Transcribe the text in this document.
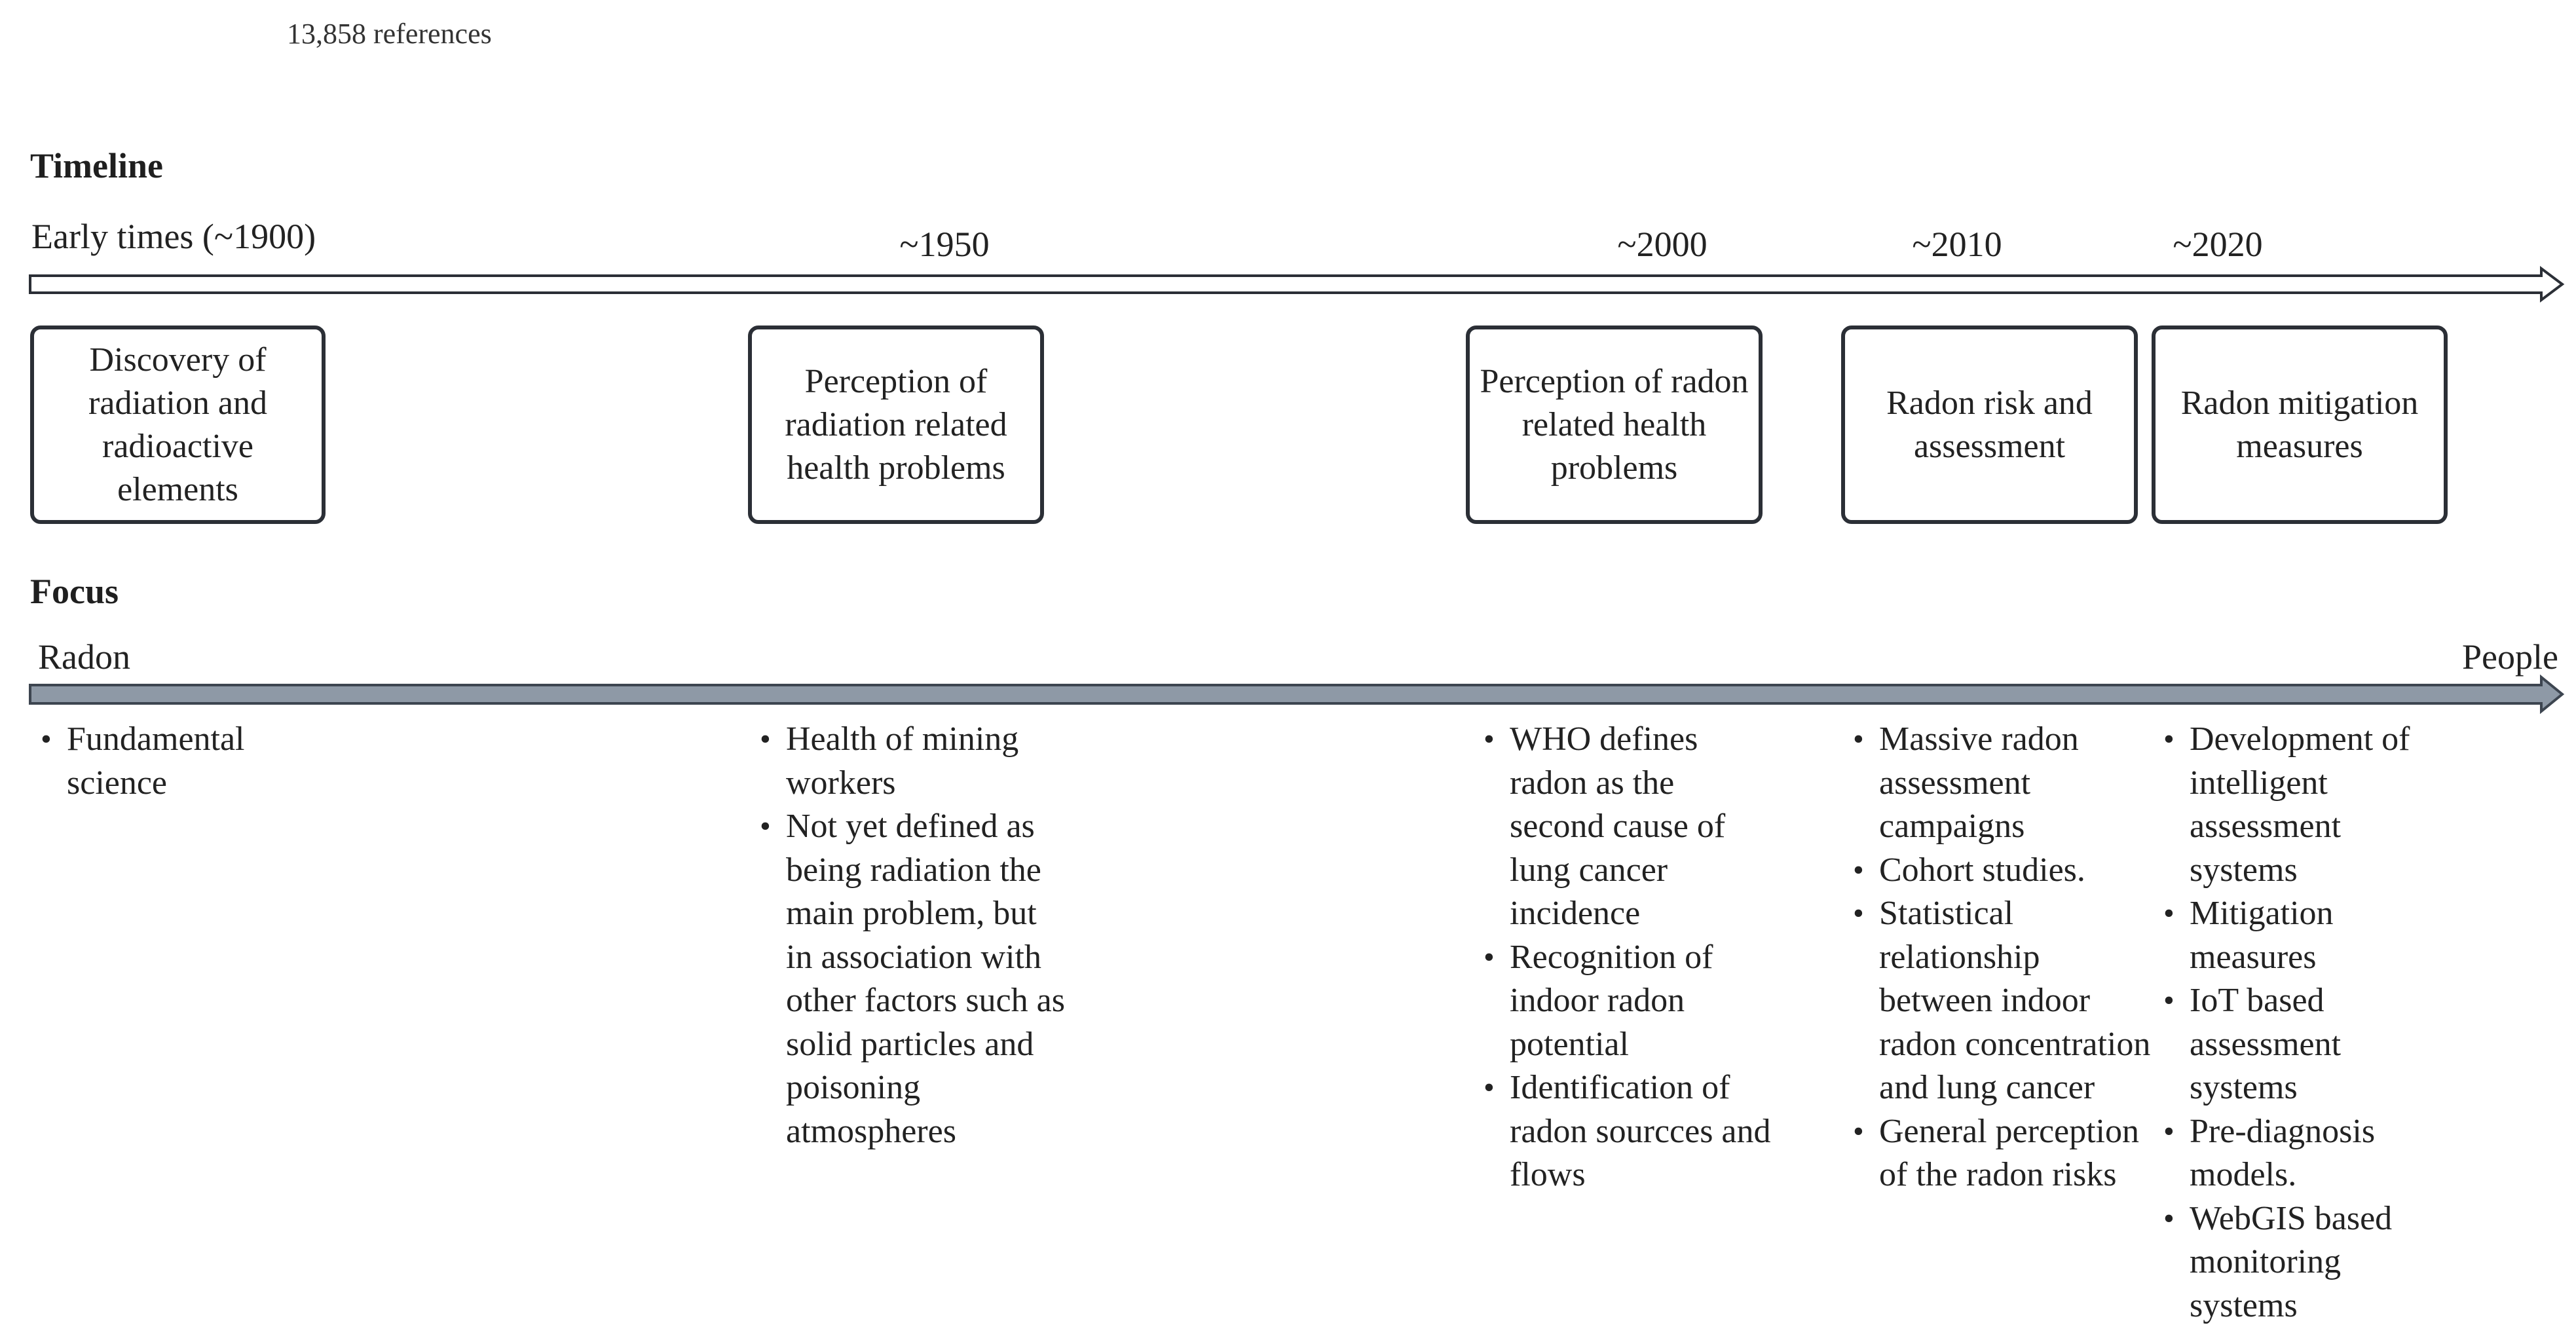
13,858 references
Timeline
Early times (~1900)	~1950	~2000	~2010	~2020
Discovery of radiation and radioactive elements
Perception of radiation related health problems
Perception of radon related health problems
Radon risk and assessment
Radon mitigation measures
Focus
Radon	People
• Fundamental science
• Health of mining workers
• Not yet defined as being radiation the main problem, but in association with other factors such as solid particles and poisoning atmospheres
• WHO defines radon as the second cause of lung cancer incidence
• Recognition of indoor radon potential
• Identification of radon sourcces and flows
• Massive radon assessment campaigns
• Cohort studies.
• Statistical relationship between indoor radon concentration and lung cancer
• General perception of the radon risks
• Development of intelligent assessment systems
• Mitigation measures
• IoT based assessment systems
• Pre-diagnosis models.
• WebGIS based monitoring systems
